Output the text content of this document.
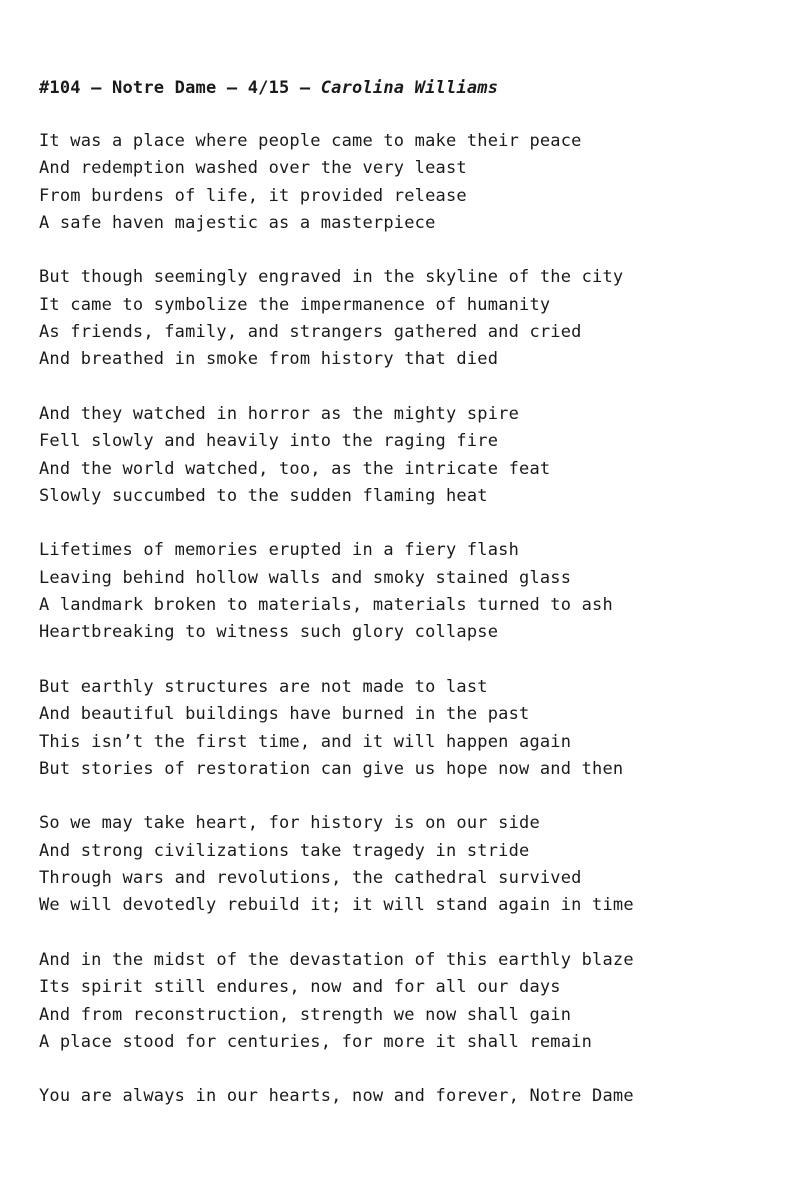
#104 — Notre Dame — 4/15 — Carolina Williams
It was a place where people came to make their peace
And redemption washed over the very least
From burdens of life, it provided release
A safe haven majestic as a masterpiece
But though seemingly engraved in the skyline of the city
It came to symbolize the impermanence of humanity
As friends, family, and strangers gathered and cried
And breathed in smoke from history that died
And they watched in horror as the mighty spire
Fell slowly and heavily into the raging fire
And the world watched, too, as the intricate feat
Slowly succumbed to the sudden flaming heat
Lifetimes of memories erupted in a fiery flash
Leaving behind hollow walls and smoky stained glass
A landmark broken to materials, materials turned to ash
Heartbreaking to witness such glory collapse
But earthly structures are not made to last
And beautiful buildings have burned in the past
This isn’t the first time, and it will happen again
But stories of restoration can give us hope now and then
So we may take heart, for history is on our side
And strong civilizations take tragedy in stride
Through wars and revolutions, the cathedral survived
We will devotedly rebuild it; it will stand again in time
And in the midst of the devastation of this earthly blaze
Its spirit still endures, now and for all our days
And from reconstruction, strength we now shall gain
A place stood for centuries, for more it shall remain
You are always in our hearts, now and forever, Notre Dame
